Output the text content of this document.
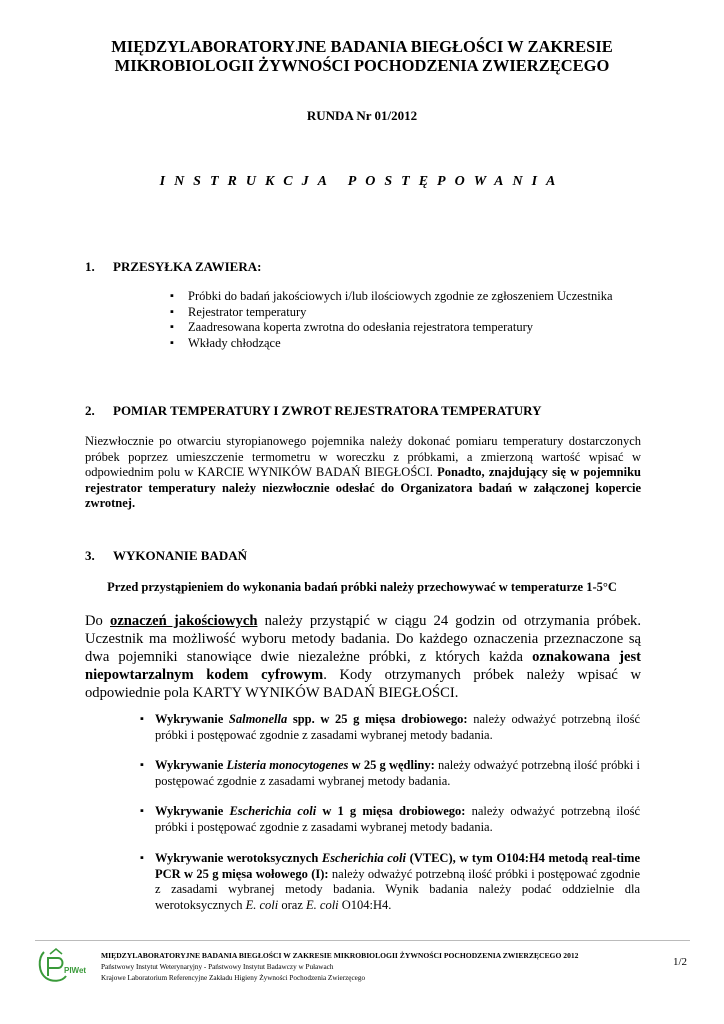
MIĘDZYLABORATORYJNE BADANIA BIEGŁOŚCI W ZAKRESIE
MIKROBIOLOGII ŻYWNOŚCI POCHODZENIA ZWIERZĘCEGO
RUNDA Nr 01/2012
INSTRUKCJA POSTĘPOWANIA
1. PRZESYŁKA ZAWIERA:
▪ Próbki do badań jakościowych i/lub ilościowych zgodnie ze zgłoszeniem Uczestnika
▪ Rejestrator temperatury
▪ Zaadresowana koperta zwrotna do odesłania rejestratora temperatury
▪ Wkłady chłodzące
2. POMIAR TEMPERATURY I ZWROT REJESTRATORA TEMPERATURY
Niezwłocznie po otwarciu styropianowego pojemnika należy dokonać pomiaru temperatury dostarczonych próbek poprzez umieszczenie termometru w woreczku z próbkami, a zmierzoną wartość wpisać w odpowiednim polu w KARCIE WYNIKÓW BADAŃ BIEGŁOŚCI. Ponadto, znajdujący się w pojemniku rejestrator temperatury należy niezwłocznie odesłać do Organizatora badań w załączonej kopercie zwrotnej.
3. WYKONANIE BADAŃ
Przed przystąpieniem do wykonania badań próbki należy przechowywać w temperaturze 1-5°C
Do oznaczeń jakościowych należy przystąpić w ciągu 24 godzin od otrzymania próbek. Uczestnik ma możliwość wyboru metody badania. Do każdego oznaczenia przeznaczone są dwa pojemniki stanowiące dwie niezależne próbki, z których każda oznakowana jest niepowtarzalnym kodem cyfrowym. Kody otrzymanych próbek należy wpisać w odpowiednie pola KARTY WYNIKÓW BADAŃ BIEGŁOŚCI.
▪ Wykrywanie Salmonella spp. w 25 g mięsa drobiowego: należy odważyć potrzebną ilość próbki i postępować zgodnie z zasadami wybranej metody badania.
▪ Wykrywanie Listeria monocytogenes w 25 g wędliny: należy odważyć potrzebną ilość próbki i postępować zgodnie z zasadami wybranej metody badania.
▪ Wykrywanie Escherichia coli w 1 g mięsa drobiowego: należy odważyć potrzebną ilość próbki i postępować zgodnie z zasadami wybranej metody badania.
▪ Wykrywanie werotoksycznych Escherichia coli (VTEC), w tym O104:H4 metodą real-time PCR w 25 g mięsa wołowego (I): należy odważyć potrzebną ilość próbki i postępować zgodnie z zasadami wybranej metody badania. Wynik badania należy podać oddzielnie dla werotoksycznych E. coli oraz E. coli O104:H4.
PIWet
MIĘDZYLABORATORYJNE BADANIA BIEGŁOŚCI W ZAKRESIE MIKROBIOLOGII ŻYWNOŚCI POCHODZENIA ZWIERZĘCEGO 2012
Państwowy Instytut Weterynaryjny - Państwowy Instytut Badawczy w Puławach
Krajowe Laboratorium Referencyjne Zakładu Higieny Żywności Pochodzenia Zwierzęcego
1/2
